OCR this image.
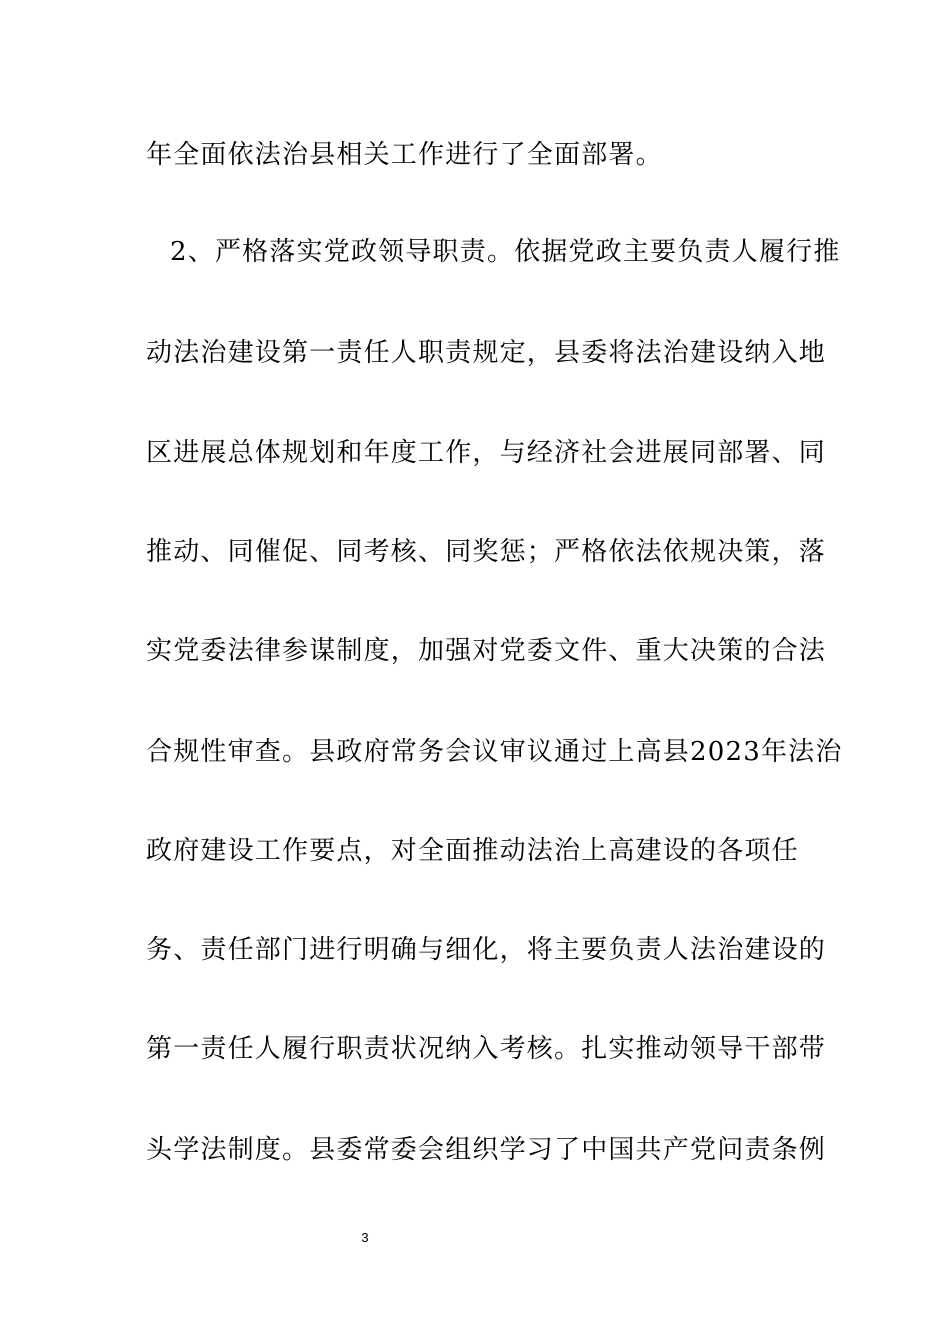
年全面依法治县相关工作进行了全面部署。
2、严格落实党政领导职责。依据党政主要负责人履行推
动法治建设第一责任人职责规定，县委将法治建设纳入地
区进展总体规划和年度工作，与经济社会进展同部署、同
推动、同催促、同考核、同奖惩；严格依法依规决策，落
实党委法律参谋制度，加强对党委文件、重大决策的合法
合规性审查。县政府常务会议审议通过上高县2023年法治
政府建设工作要点，对全面推动法治上高建设的各项任
务、责任部门进行明确与细化，将主要负责人法治建设的
第一责任人履行职责状况纳入考核。扎实推动领导干部带
头学法制度。县委常委会组织学习了中国共产党问责条例
3
